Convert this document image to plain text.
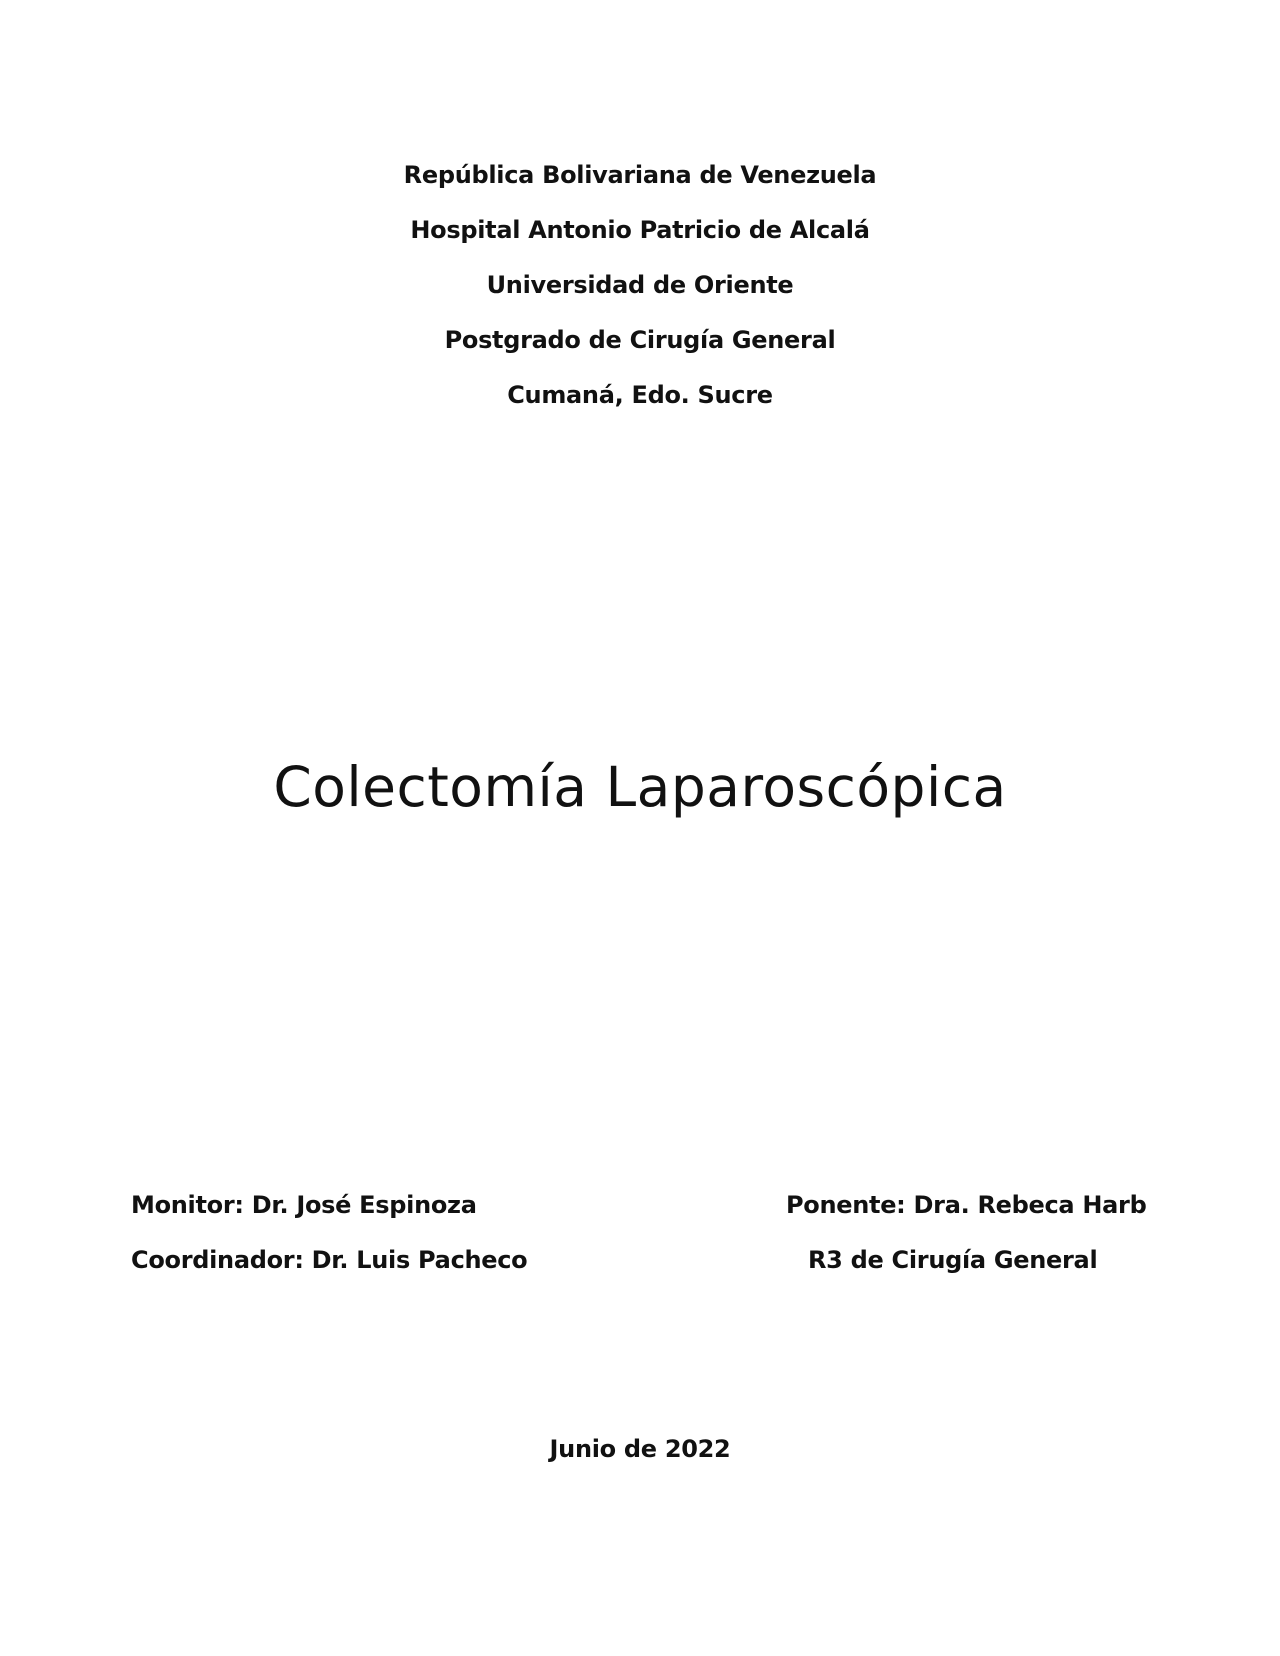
República Bolivariana de Venezuela
Hospital Antonio Patricio de Alcalá
Universidad de Oriente
Postgrado de Cirugía General
Cumaná, Edo. Sucre
Colectomía Laparoscópica
Monitor: Dr. José Espinoza
Coordinador: Dr. Luis Pacheco
Ponente: Dra. Rebeca Harb
R3 de Cirugía General
Junio de 2022
